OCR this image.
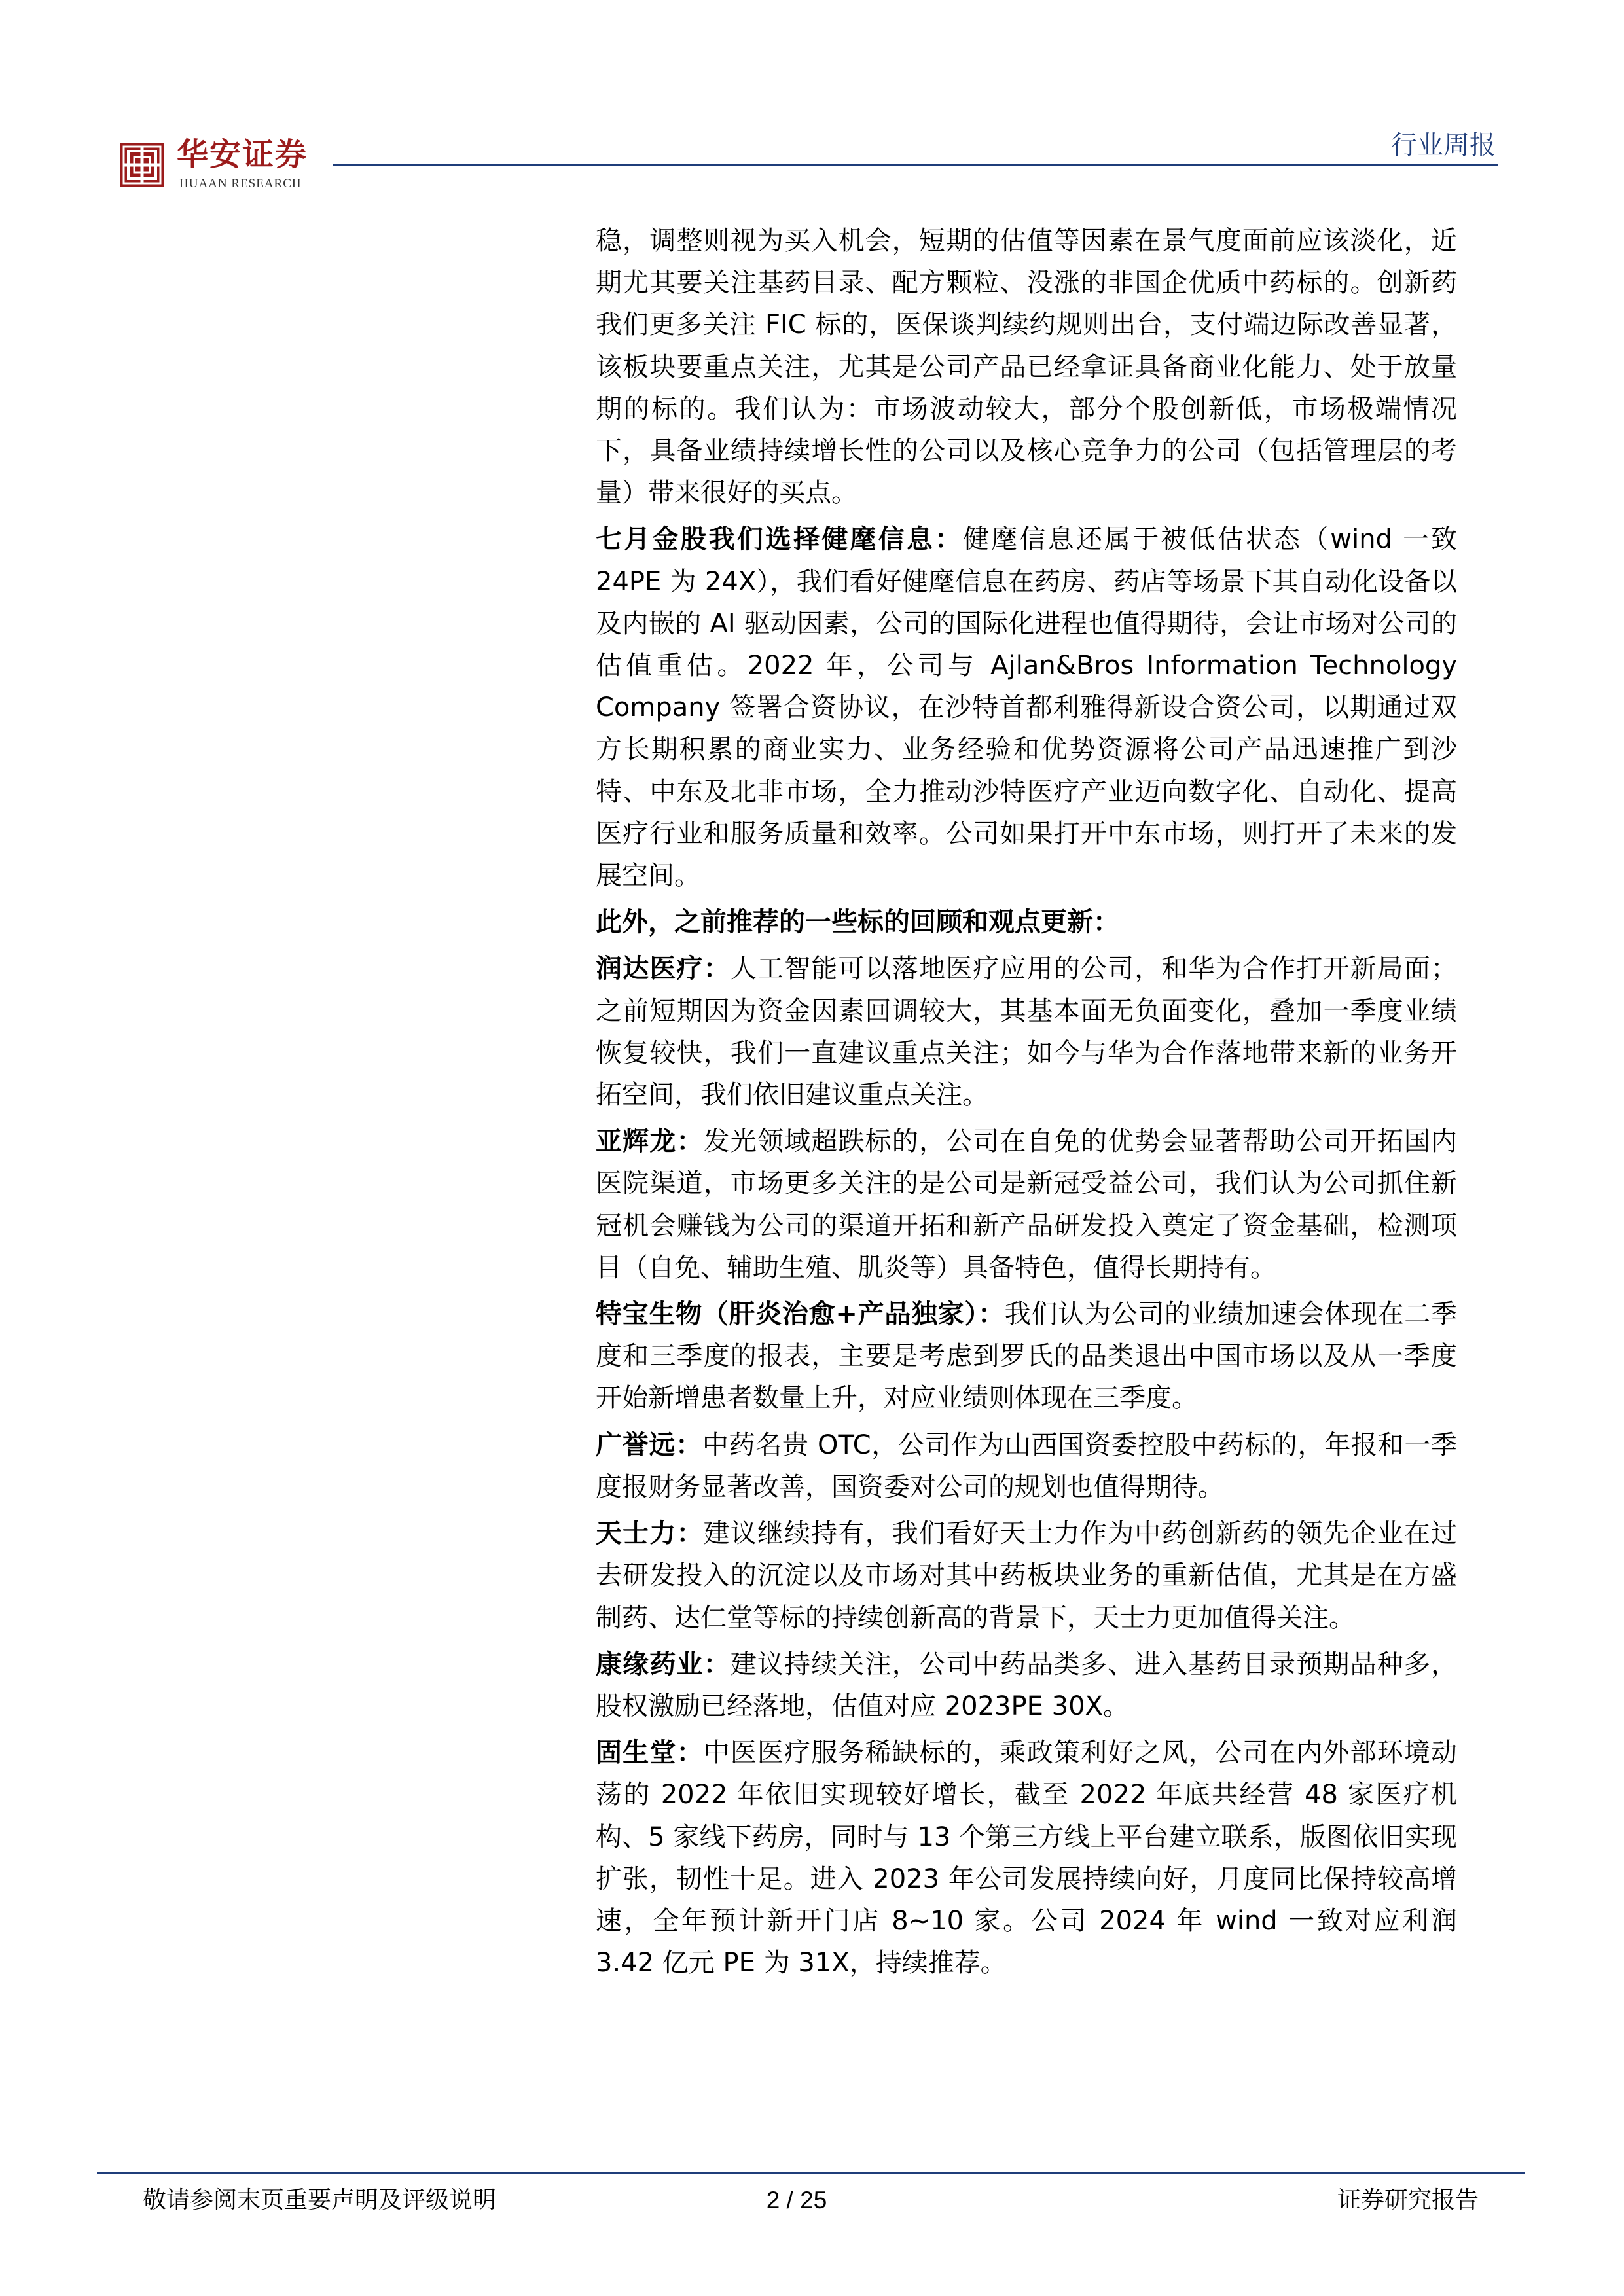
华安证券
HUAAN RESEARCH
行业周报

稳，调整则视为买入机会，短期的估值等因素在景气度面前应该淡化，近期尤其要关注基药目录、配方颗粒、没涨的非国企优质中药标的。创新药我们更多关注 FIC 标的，医保谈判续约规则出台，支付端边际改善显著，该板块要重点关注，尤其是公司产品已经拿证具备商业化能力、处于放量期的标的。我们认为：市场波动较大，部分个股创新低，市场极端情况下，具备业绩持续增长性的公司以及核心竞争力的公司（包括管理层的考量）带来很好的买点。

七月金股我们选择健麾信息：健麾信息还属于被低估状态（wind 一致 24PE 为 24X），我们看好健麾信息在药房、药店等场景下其自动化设备以及内嵌的 AI 驱动因素，公司的国际化进程也值得期待，会让市场对公司的估值重估。2022 年，公司与 Ajlan&Bros Information Technology Company 签署合资协议，在沙特首都利雅得新设合资公司，以期通过双方长期积累的商业实力、业务经验和优势资源将公司产品迅速推广到沙特、中东及北非市场，全力推动沙特医疗产业迈向数字化、自动化、提高医疗行业和服务质量和效率。公司如果打开中东市场，则打开了未来的发展空间。

此外，之前推荐的一些标的回顾和观点更新：

润达医疗：人工智能可以落地医疗应用的公司，和华为合作打开新局面；之前短期因为资金因素回调较大，其基本面无负面变化，叠加一季度业绩恢复较快，我们一直建议重点关注；如今与华为合作落地带来新的业务开拓空间，我们依旧建议重点关注。

亚辉龙：发光领域超跌标的，公司在自免的优势会显著帮助公司开拓国内医院渠道，市场更多关注的是公司是新冠受益公司，我们认为公司抓住新冠机会赚钱为公司的渠道开拓和新产品研发投入奠定了资金基础，检测项目（自免、辅助生殖、肌炎等）具备特色，值得长期持有。

特宝生物（肝炎治愈+产品独家）：我们认为公司的业绩加速会体现在二季度和三季度的报表，主要是考虑到罗氏的品类退出中国市场以及从一季度开始新增患者数量上升，对应业绩则体现在三季度。

广誉远：中药名贵 OTC，公司作为山西国资委控股中药标的，年报和一季度报财务显著改善，国资委对公司的规划也值得期待。

天士力：建议继续持有，我们看好天士力作为中药创新药的领先企业在过去研发投入的沉淀以及市场对其中药板块业务的重新估值，尤其是在方盛制药、达仁堂等标的持续创新高的背景下，天士力更加值得关注。

康缘药业：建议持续关注，公司中药品类多、进入基药目录预期品种多，股权激励已经落地，估值对应 2023PE 30X。

固生堂：中医医疗服务稀缺标的，乘政策利好之风，公司在内外部环境动荡的 2022 年依旧实现较好增长，截至 2022 年底共经营 48 家医疗机构、5 家线下药房，同时与 13 个第三方线上平台建立联系，版图依旧实现扩张，韧性十足。进入 2023 年公司发展持续向好，月度同比保持较高增速，全年预计新开门店 8~10 家。公司 2024 年 wind 一致对应利润 3.42 亿元 PE 为 31X，持续推荐。

敬请参阅末页重要声明及评级说明	2 / 25	证券研究报告
